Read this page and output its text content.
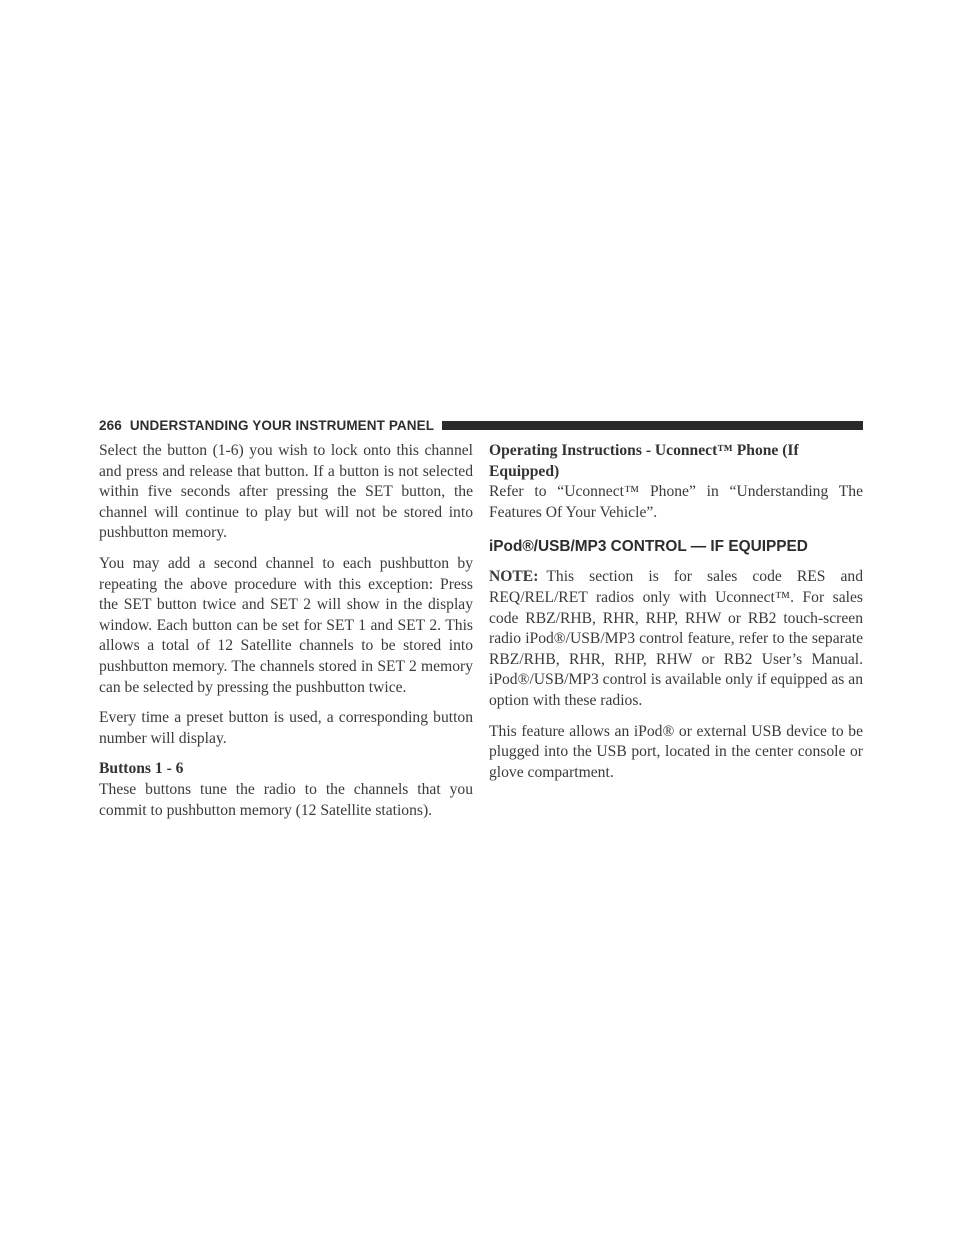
266 UNDERSTANDING YOUR INSTRUMENT PANEL

Select the button (1-6) you wish to lock onto this channel and press and release that button. If a button is not selected within five seconds after pressing the SET button, the channel will continue to play but will not be stored into pushbutton memory.

You may add a second channel to each pushbutton by repeating the above procedure with this exception: Press the SET button twice and SET 2 will show in the display window. Each button can be set for SET 1 and SET 2. This allows a total of 12 Satellite channels to be stored into pushbutton memory. The channels stored in SET 2 memory can be selected by pressing the pushbutton twice.

Every time a preset button is used, a corresponding button number will display.

Buttons 1 - 6

These buttons tune the radio to the channels that you commit to pushbutton memory (12 Satellite stations).

Operating Instructions - Uconnect™ Phone (If Equipped)

Refer to “Uconnect™ Phone” in “Understanding The Features Of Your Vehicle”.

iPod®/USB/MP3 CONTROL — IF EQUIPPED

NOTE: This section is for sales code RES and REQ/REL/RET radios only with Uconnect™. For sales code RBZ/RHB, RHR, RHP, RHW or RB2 touch-screen radio iPod®/USB/MP3 control feature, refer to the separate RBZ/RHB, RHR, RHP, RHW or RB2 User’s Manual. iPod®/USB/MP3 control is available only if equipped as an option with these radios.

This feature allows an iPod® or external USB device to be plugged into the USB port, located in the center console or glove compartment.
